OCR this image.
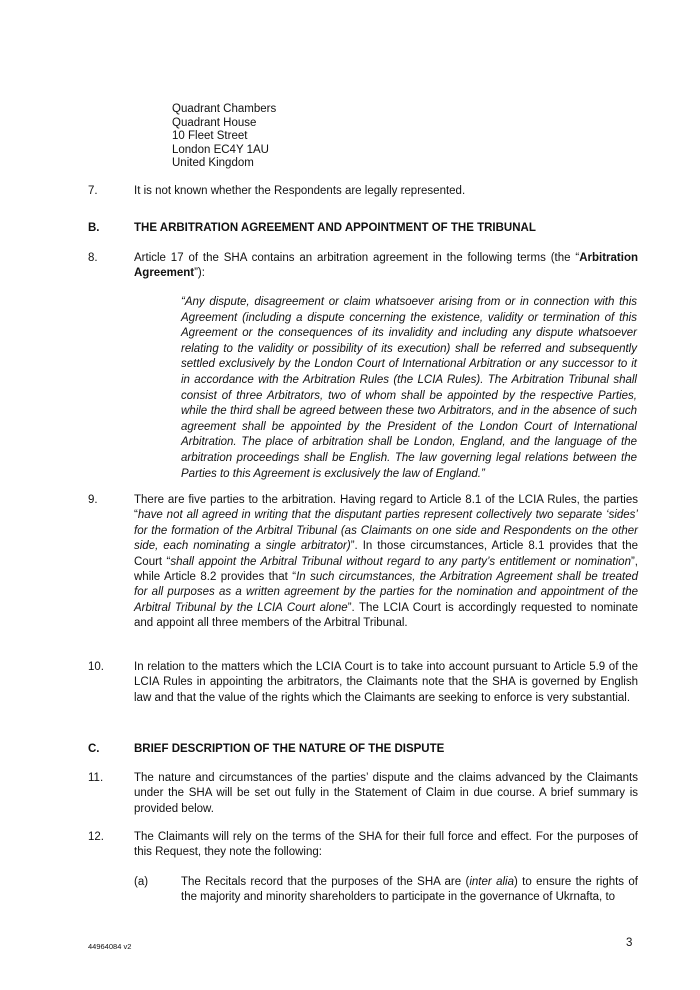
Quadrant Chambers
Quadrant House
10 Fleet Street
London EC4Y 1AU
United Kingdom
7.	It is not known whether the Respondents are legally represented.
B.	THE ARBITRATION AGREEMENT AND APPOINTMENT OF THE TRIBUNAL
8.	Article 17 of the SHA contains an arbitration agreement in the following terms (the “Arbitration Agreement”):
“Any dispute, disagreement or claim whatsoever arising from or in connection with this Agreement (including a dispute concerning the existence, validity or termination of this Agreement or the consequences of its invalidity and including any dispute whatsoever relating to the validity or possibility of its execution) shall be referred and subsequently settled exclusively by the London Court of International Arbitration or any successor to it in accordance with the Arbitration Rules (the LCIA Rules). The Arbitration Tribunal shall consist of three Arbitrators, two of whom shall be appointed by the respective Parties, while the third shall be agreed between these two Arbitrators, and in the absence of such agreement shall be appointed by the President of the London Court of International Arbitration. The place of arbitration shall be London, England, and the language of the arbitration proceedings shall be English. The law governing legal relations between the Parties to this Agreement is exclusively the law of England.”
9.	There are five parties to the arbitration. Having regard to Article 8.1 of the LCIA Rules, the parties “have not all agreed in writing that the disputant parties represent collectively two separate ‘sides’ for the formation of the Arbitral Tribunal (as Claimants on one side and Respondents on the other side, each nominating a single arbitrator)”. In those circumstances, Article 8.1 provides that the Court “shall appoint the Arbitral Tribunal without regard to any party’s entitlement or nomination”, while Article 8.2 provides that “In such circumstances, the Arbitration Agreement shall be treated for all purposes as a written agreement by the parties for the nomination and appointment of the Arbitral Tribunal by the LCIA Court alone”. The LCIA Court is accordingly requested to nominate and appoint all three members of the Arbitral Tribunal.
10.	In relation to the matters which the LCIA Court is to take into account pursuant to Article 5.9 of the LCIA Rules in appointing the arbitrators, the Claimants note that the SHA is governed by English law and that the value of the rights which the Claimants are seeking to enforce is very substantial.
C.	BRIEF DESCRIPTION OF THE NATURE OF THE DISPUTE
11.	The nature and circumstances of the parties’ dispute and the claims advanced by the Claimants under the SHA will be set out fully in the Statement of Claim in due course. A brief summary is provided below.
12.	The Claimants will rely on the terms of the SHA for their full force and effect. For the purposes of this Request, they note the following:
(a)	The Recitals record that the purposes of the SHA are (inter alia) to ensure the rights of the majority and minority shareholders to participate in the governance of Ukrnafta, to
44964084 v2	3
